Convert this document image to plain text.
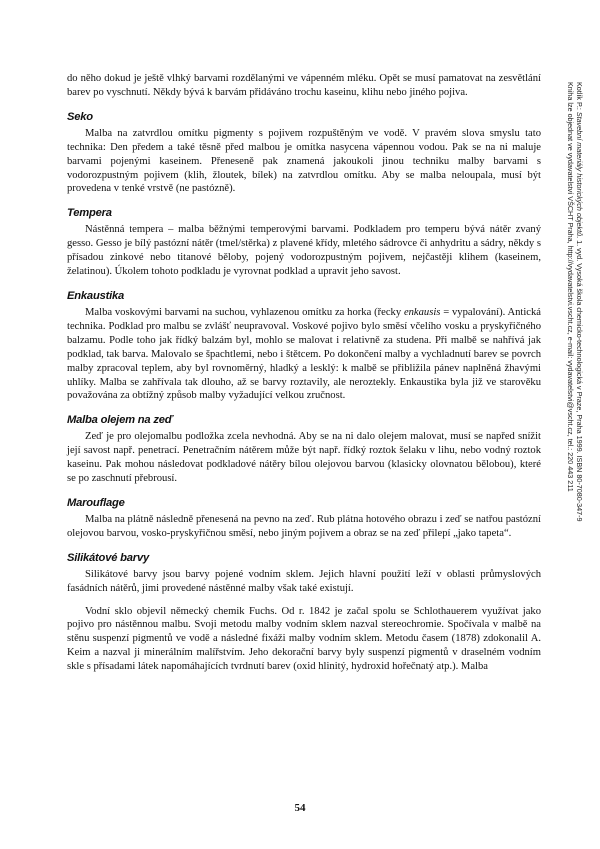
do něho dokud je ještě vlhký barvami rozdělanými ve vápenném mléku. Opět se musí pamatovat na zesvětlání barev po vyschnutí. Někdy bývá k barvám přidáváno trochu kaseinu, klihu nebo jiného pojiva.

Seko

Malba na zatvrdlou omítku pigmenty s pojivem rozpuštěným ve vodě. V pravém slova smyslu tato technika: Den předem a také těsně před malbou je omítka nasycena vápennou vodou. Pak se na ni maluje barvami pojenými kaseinem. Přeneseně pak znamená jakoukoli jinou techniku malby barvami s vodorozpustným pojivem (klih, žloutek, bílek) na zatvrdlou omítku. Aby se malba neloupala, musí být provedena v tenké vrstvě (ne pastózně).

Tempera

Nástěnná tempera – malba běžnými temperovými barvami. Podkladem pro temperu bývá nátěr zvaný gesso. Gesso je bílý pastózní nátěr (tmel/stěrka) z plavené křídy, mletého sádrovce či anhydritu a sádry, někdy s přísadou zinkové nebo titanové běloby, pojený vodorozpustným pojivem, nejčastěji klihem (kaseinem, želatinou). Úkolem tohoto podkladu je vyrovnat podklad a upravit jeho savost.

Enkaustika

Malba voskovými barvami na suchou, vyhlazenou omítku za horka (řecky enkausis = vypalování). Antická technika. Podklad pro malbu se zvlášť neupravoval. Voskové pojivo bylo směsí včelího vosku a pryskyřičného balzamu. Podle toho jak řídký balzám byl, mohlo se malovat i relativně za studena. Při malbě se nahřívá jak podklad, tak barva. Malovalo se špachtlemi, nebo i štětcem. Po dokončení malby a vychladnutí barev se povrch malby zpracoval teplem, aby byl rovnoměrný, hladký a lesklý: k malbě se přibližila pánev naplněná žhavými uhlíky. Malba se zahřívala tak dlouho, až se barvy roztavily, ale neroztekly. Enkaustika byla již ve starověku považována za obtížný způsob malby vyžadující velkou zručnost.

Malba olejem na zeď

Zeď je pro olejomalbu podložka zcela nevhodná. Aby se na ni dalo olejem malovat, musí se napřed snížit její savost např. penetrací. Penetračním nátěrem může být např. řídký roztok šelaku v lihu, nebo vodný roztok kaseinu. Pak mohou následovat podkladové nátěry bílou olejovou barvou (klasicky olovnatou bělobou), které se po zaschnutí přebrousí.

Marouflage

Malba na plátně následně přenesená na pevno na zeď. Rub plátna hotového obrazu i zeď se natřou pastózní olejovou barvou, vosko-pryskyřičnou směsí, nebo jiným pojivem a obraz se na zeď přilepí „jako tapeta“.

Silikátové barvy

Silikátové barvy jsou barvy pojené vodním sklem. Jejich hlavní použití leží v oblasti průmyslových fasádních nátěrů, jimi provedené nástěnné malby však také existují.

Vodní sklo objevil německý chemik Fuchs. Od r. 1842 je začal spolu se Schlothauerem využívat jako pojivo pro nástěnnou malbu. Svoji metodu malby vodním sklem nazval stereochromie. Spočívala v malbě na stěnu suspenzí pigmentů ve vodě a následné fixáži malby vodním sklem. Metodu časem (1878) zdokonalil A. Keim a nazval ji minerálním malířstvím. Jeho dekorační barvy byly suspenzí pigmentů v draselném vodním skle s přísadami látek napomáhajících tvrdnutí barev (oxid hlinitý, hydroxid hořečnatý atp.). Malba

Kotlík P.: Stavební materiály historických objektů. 1. vyd. Vysoká škola chemicko-technologická v Praze, Praha 1999. ISBN 80-7080-347-9
Kniha lze objednat ve vydavatelství VŠCHT Praha, http://vydavatelstvi.vscht.cz, e-mail: vydavatelstvi@vscht.cz, tel.: 220 443 211
54
